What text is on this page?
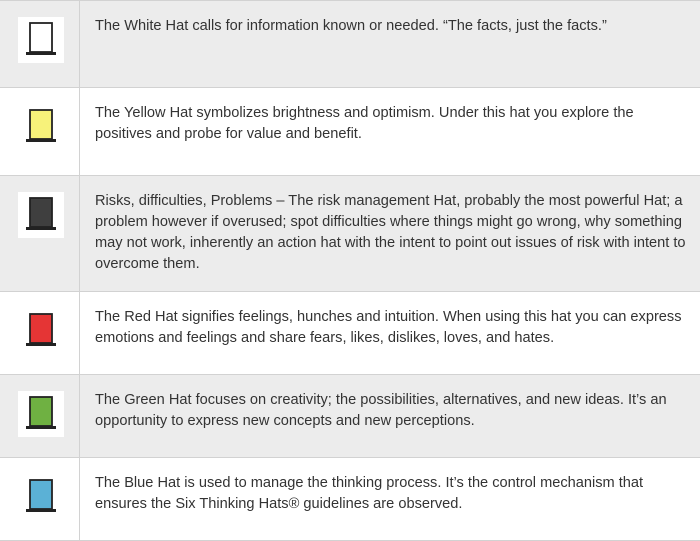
The White Hat calls for information known or needed. “The facts, just the facts.”
The Yellow Hat symbolizes brightness and optimism. Under this hat you explore the positives and probe for value and benefit.
Risks, difficulties, Problems – The risk management Hat, probably the most powerful Hat; a problem however if overused; spot difficulties where things might go wrong, why something may not work, inherently an action hat with the intent to point out issues of risk with intent to overcome them.
The Red Hat signifies feelings, hunches and intuition. When using this hat you can express emotions and feelings and share fears, likes, dislikes, loves, and hates.
The Green Hat focuses on creativity; the possibilities, alternatives, and new ideas. It’s an opportunity to express new concepts and new perceptions.
The Blue Hat is used to manage the thinking process. It’s the control mechanism that ensures the Six Thinking Hats® guidelines are observed.
